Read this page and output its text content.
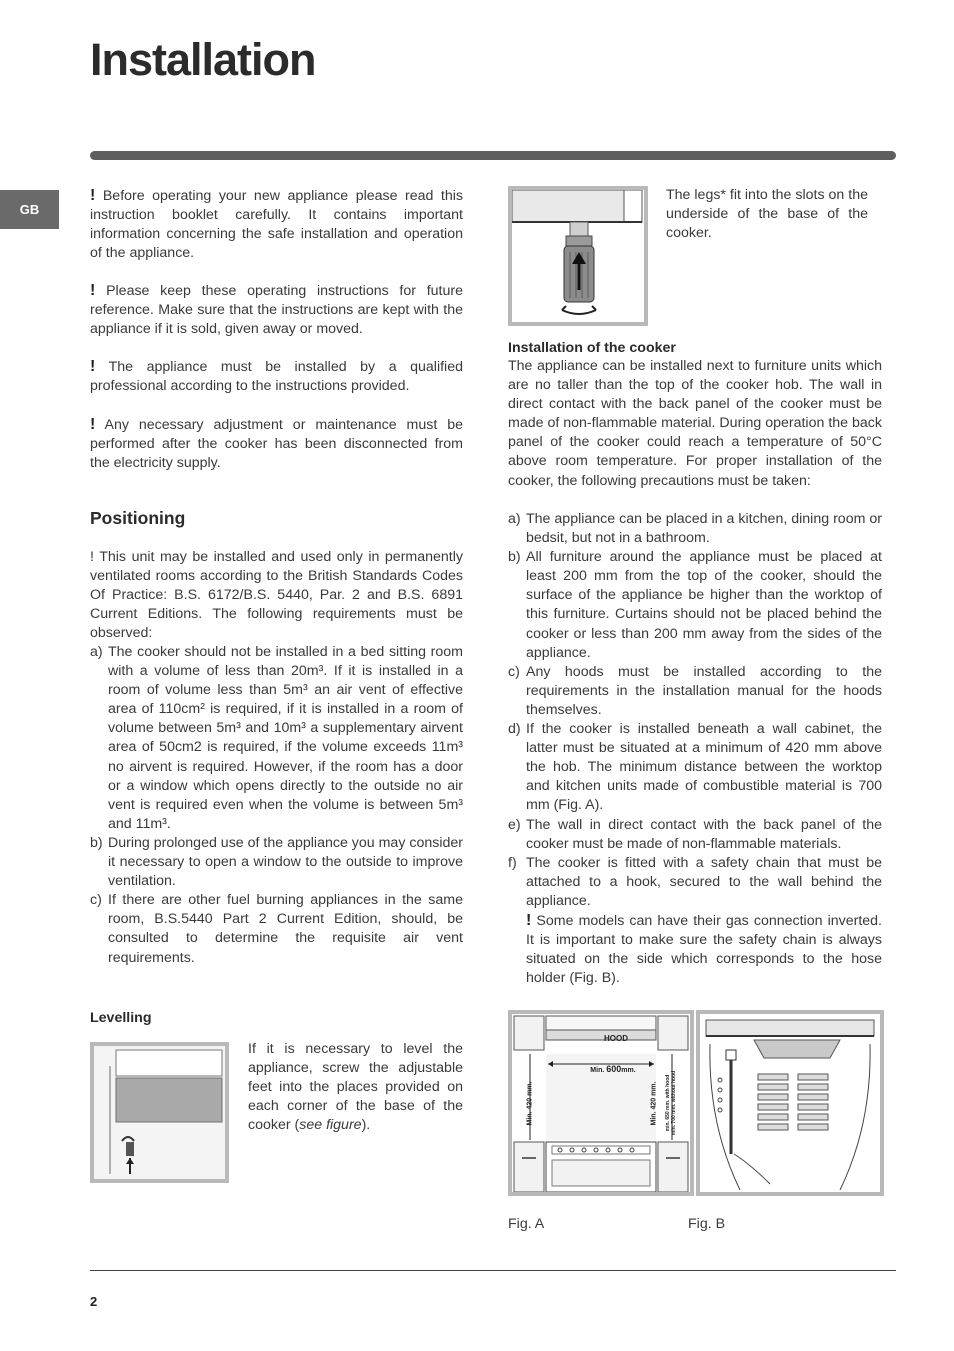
Installation
GB

! Before operating your new appliance please read this instruction booklet carefully. It contains important information concerning the safe installation and operation of the appliance.

! Please keep these operating instructions for future reference. Make sure that the instructions are kept with the appliance if it is sold, given away or moved.

! The appliance must be installed by a qualified professional according to the instructions provided.

! Any necessary adjustment or maintenance must be performed after the cooker has been disconnected from the electricity supply.

Positioning

! This unit may be installed and used only in permanently ventilated rooms according to the British Standards Codes Of Practice: B.S. 6172/B.S. 5440, Par. 2 and B.S. 6891 Current Editions. The following requirements must be observed:

a) The cooker should not be installed in a bed sitting room with a volume of less than 20m³. If it is installed in a room of volume less than 5m³ an air vent of effective area of 110cm² is required, if it is installed in a room of volume between 5m³ and 10m³ a supplementary airvent area of 50cm2 is required, if the volume exceeds 11m³ no airvent is required. However, if the room has a door or a window which opens directly to the outside no air vent is required even when the volume is between 5m³ and 11m³.
b) During prolonged use of the appliance you may consider it necessary to open a window to the outside to improve ventilation.
c) If there are other fuel burning appliances in the same room, B.S.5440 Part 2 Current Edition, should, be consulted to determine the requisite air vent requirements.
Levelling

If it is necessary to level the appliance, screw the adjustable feet into the places provided on each corner of the base of the cooker (see figure).

The legs* fit into the slots on the underside of the base of the cooker.

Installation of the cooker

The appliance can be installed next to furniture units which are no taller than the top of the cooker hob. The wall in direct contact with the back panel of the cooker must be made of non-flammable material. During operation the back panel of the cooker could reach a temperature of 50°C above room temperature. For proper installation of the cooker, the following precautions must be taken:

a) The appliance can be placed in a kitchen, dining room or bedsit, but not in a bathroom.
b) All furniture around the appliance must be placed at least 200 mm from the top of the cooker, should the surface of the appliance be higher than the worktop of this furniture. Curtains should not be placed behind the cooker or less than 200 mm away from the sides of the appliance.
c) Any hoods must be installed according to the requirements in the installation manual for the hoods themselves.
d) If the cooker is installed beneath a wall cabinet, the latter must be situated at a minimum of 420 mm above the hob. The minimum distance between the worktop and kitchen units made of combustible material is 700 mm (Fig. A).
e) The wall in direct contact with the back panel of the cooker must be made of non-flammable materials.
f) The cooker is fitted with a safety chain that must be attached to a hook, secured to the wall behind the appliance.
! Some models can have their gas connection inverted. It is important to make sure the safety chain is always situated on the side which corresponds to the hose holder (Fig. B).
HOOD
Min. 600mm.
Min. 420 mm.	Min. 420 mm. min. 650 mm. with hood min. 700 mm. without hood
Fig. A	Fig. B
2
